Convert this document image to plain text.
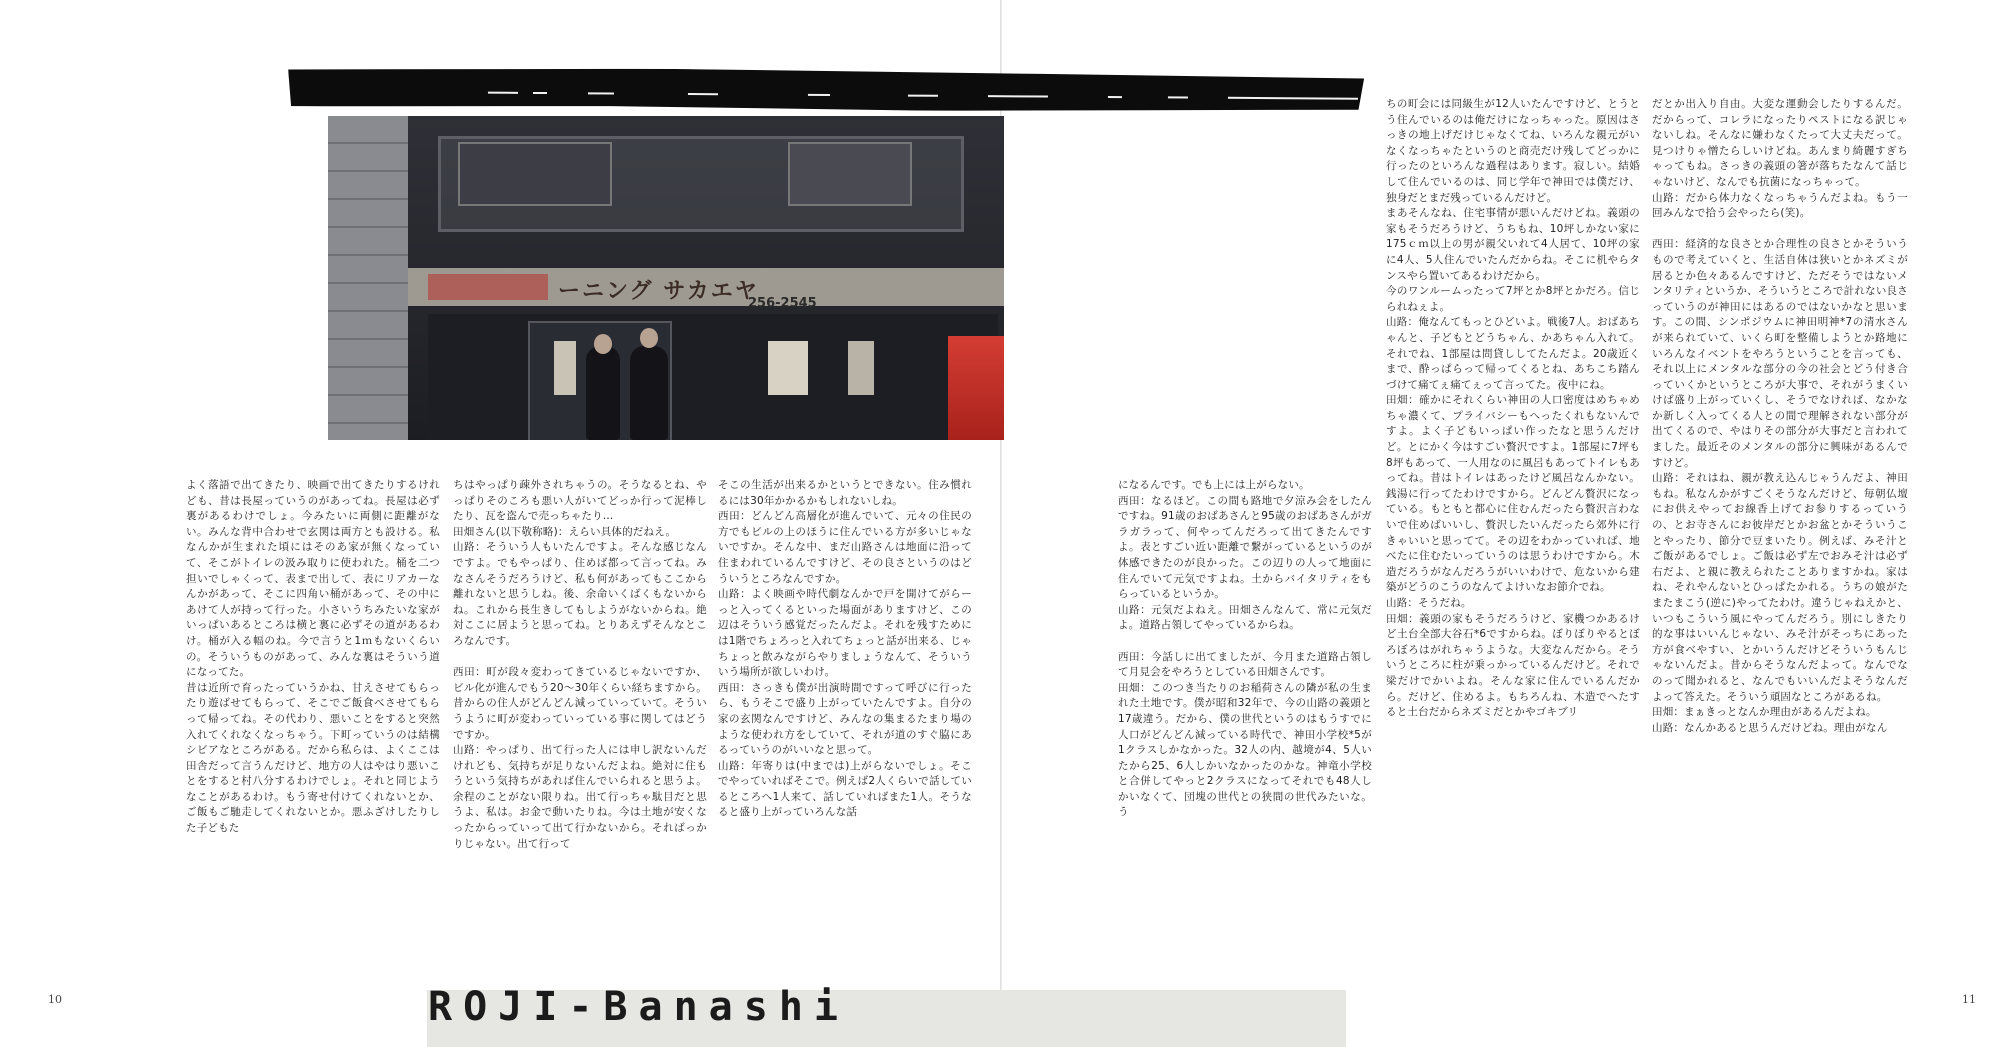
ーニング サカエヤ
256-2545

よく落語で出てきたり、映画で出てきたりするけれども、昔は長屋っていうのがあってね。長屋は必ず裏があるわけでしょ。今みたいに両側に距離がない。みんな背中合わせで玄関は両方とも設ける。私なんかが生まれた頃にはそのあ家が無くなっていて、そこがトイレの汲み取りに使われた。桶を二つ担いでしゃくって、表まで出して、表にリアカーなんかがあって、そこに四角い桶があって、その中にあけて人が持って行った。小さいうちみたいな家がいっぱいあるところは横と裏に必ずその道があるわけ。桶が入る幅のね。今で言うと1ｍもないくらいの。そういうものがあって、みんな裏はそういう道になってた。

昔は近所で育ったっていうかね、甘えさせてもらったり遊ばせてもらって、そこでご飯食べさせてもらって帰ってね。その代わり、悪いことをすると突然入れてくれなくなっちゃう。下町っていうのは結構シビアなところがある。だから私らは、よくここは田舎だって言うんだけど、地方の人はやはり悪いことをすると村八分するわけでしょ。それと同じようなことがあるわけ。もう寄せ付けてくれないとか、ご飯もご馳走してくれないとか。悪ふざけしたりした子どもた

ちはやっぱり疎外されちゃうの。そうなるとね、やっぱりそのころも悪い人がいてどっか行って泥棒したり、瓦を盗んで売っちゃたり…

田畑さん(以下敬称略)：えらい具体的だねえ。

山路：そういう人もいたんですよ。そんな感じなんですよ。でもやっぱり、住めば都って言ってね。みなさんそうだろうけど、私も何があってもここから離れないと思うしね。後、余命いくばくもないからね。これから長生きしてもしようがないからね。絶対ここに居ようと思ってね。とりあえずそんなところなんです。

西田：町が段々変わってきているじゃないですか、ビル化が進んでもう20〜30年くらい経ちますから。昔からの住人がどんどん減っていっていて。そういうように町が変わっていっている事に関してはどうですか。

山路：やっぱり、出て行った人には申し訳ないんだけれども、気持ちが足りないんだよね。絶対に住もうという気持ちがあれば住んでいられると思うよ。余程のことがない限りね。出て行っちゃ駄目だと思うよ、私は。お金で動いたりね。今は土地が安くなったからっていって出て行かないから。そればっかりじゃない。出て行って

そこの生活が出来るかというとできない。住み慣れるには30年かかるかもしれないしね。

西田：どんどん高層化が進んでいて、元々の住民の方でもビルの上のほうに住んでいる方が多いじゃないですか。そんな中、まだ山路さんは地面に沿って住まわれているんですけど、その良さというのはどういうところなんですか。

山路：よく映画や時代劇なんかで戸を開けてがらーっと入ってくるといった場面がありますけど、この辺はそういう感覚だったんだよ。それを残すためには1階でちょろっと入れてちょっと話が出来る、じゃちょっと飲みながらやりましょうなんて、そういういう場所が欲しいわけ。

西田：さっきも僕が出演時間ですって呼びに行ったら、もうそこで盛り上がっていたんですよ。自分の家の玄関なんですけど、みんなの集まるたまり場のような使われ方をしていて、それが道のすぐ脇にあるっていうのがいいなと思って。

山路：年寄りは(中までは)上がらないでしょ。そこでやっていればそこで。例えば2人くらいで話しているところへ1人来て、話していればまた1人。そうなると盛り上がっていろんな話

になるんです。でも上には上がらない。

西田：なるほど。この間も路地で夕涼み会をしたんですね。91歳のおばあさんと95歳のおばあさんがガラガラって、何やってんだろって出てきたんですよ。表とすごい近い距離で繋がっているというのが体感できたのが良かった。この辺りの人って地面に住んでいて元気ですよね。土からバイタリティをもらっているというか。

山路：元気だよねえ。田畑さんなんて、常に元気だよ。道路占領してやっているからね。

西田：今話しに出てましたが、今月また道路占領して月見会をやろうとしている田畑さんです。

田畑：このつき当たりのお稲荷さんの隣が私の生まれた土地です。僕が昭和32年で、今の山路の義頭と17歳違う。だから、僕の世代というのはもうすでに人口がどんどん減っている時代で、神田小学校*5が1クラスしかなかった。32人の内、越境が4、5人いたから25、6人しかいなかったのかな。神竜小学校と合併してやっと2クラスになってそれでも48人しかいなくて、団塊の世代との狭間の世代みたいな。う

ちの町会には同級生が12人いたんですけど、とうとう住んでいるのは俺だけになっちゃった。原因はさっきの地上げだけじゃなくてね、いろんな親元がいなくなっちゃたというのと商売だけ残してどっかに行ったのといろんな過程はあります。寂しい。結婚して住んでいるのは、同じ学年で神田では僕だけ、独身だとまだ残っているんだけど。

まあそんなね、住宅事情が悪いんだけどね。義頭の家もそうだろうけど、うちもね、10坪しかない家に175ｃｍ以上の男が親父いれて4人居て、10坪の家に4人、5人住んでいたんだからね。そこに机やらタンスやら置いてあるわけだから。

今のワンルームったって7坪とか8坪とかだろ。信じられねぇよ。

山路：俺なんてもっとひどいよ。戦後7人。おばあちゃんと、子どもとどうちゃん、かあちゃん入れて。それでね、1部屋は問貸ししてたんだよ。20歳近くまで、酔っぱらって帰ってくるとね、あちこち踏んづけて痛てぇ痛てぇって言ってた。夜中にね。

田畑：確かにそれくらい神田の人口密度はめちゃめちゃ濃くて、プライバシーもへったくれもないんですよ。よく子どもいっぱい作ったなと思うんだけど。とにかく今はすごい贅沢ですよ。1部屋に7坪も8坪もあって、一人用なのに風呂もあってトイレもあってね。昔はトイレはあったけど風呂なんかない。銭湯に行ってたわけですから。どんどん贅沢になっている。もともと都心に住むんだったら贅沢言わないで住めばいいし、贅沢したいんだったら郊外に行きゃいいと思ってて。その辺をわかっていれば、地べたに住むたいっていうのは思うわけですから。木造だろうがなんだろうがいいわけで、危ないから建築がどうのこうのなんてよけいなお節介でね。

山路：そうだね。

田畑：義頭の家もそうだろうけど、家機つかあるけど土台全部大谷石*6ですからね。ぼりぼりやるとぼろぼろはがれちゃうような。大変なんだから。そういうところに柱が乗っかっているんだけど。それで梁だけでかいよね。そんな家に住んでいるんだから。だけど、住めるよ。もちろんね、木造でへたすると土台だからネズミだとかやゴキブリ

だとか出入り自由。大変な運動会したりするんだ。だからって、コレラになったりペストになる訳じゃないしね。そんなに嫌わなくたって大丈夫だって。見つけりゃ憎たらしいけどね。あんまり綺麗すぎちゃってもね。さっきの義頭の箸が落ちたなんて話じゃないけど、なんでも抗菌になっちゃって。

山路：だから体力なくなっちゃうんだよね。もう一回みんなで拾う会やったら(笑)。

西田：経済的な良さとか合理性の良さとかそういうもので考えていくと、生活自体は狭いとかネズミが居るとか色々あるんですけど、ただそうではないメンタリティというか、そういうところで計れない良さっていうのが神田にはあるのではないかなと思います。この間、シンポジウムに神田明神*7の清水さんが来られていて、いくら町を整備しようとか路地にいろんなイベントをやろうということを言っても、それ以上にメンタルな部分の今の社会とどう付き合っていくかというところが大事で、それがうまくいけば盛り上がっていくし、そうでなければ、なかなか新しく入ってくる人との間で理解されない部分が出てくるので、やはりその部分が大事だと言われてました。最近そのメンタルの部分に興味があるんですけど。

山路：それはね、親が教え込んじゃうんだよ、神田もね。私なんかがすごくそうなんだけど、毎朝仏壇にお供えやってお線香上げてお参りするっていうの、とお寺さんにお彼岸だとかお盆とかそういうことやったり、節分で豆まいたり。例えば、みそ汁とご飯があるでしょ。ご飯は必ず左でおみそ汁は必ず右だよ、と親に教えられたことありますかね。家はね、それやんないとひっぱたかれる。うちの娘がたまたまこう(逆に)やってたわけ。違うじゃねえかと、いつもこういう風にやってんだろう。別にしきたり的な事はいいんじゃない、みそ汁がそっちにあった方が食べやすい、とかいうんだけどそういうもんじゃないんだよ。昔からそうなんだよって。なんでなのって聞かれると、なんでもいいんだよそうなんだよって答えた。そういう頑固なところがあるね。

田畑：まぁきっとなんか理由があるんだよね。

山路：なんかあると思うんだけどね。理由がなん

ROJI-Banashi
10	11
